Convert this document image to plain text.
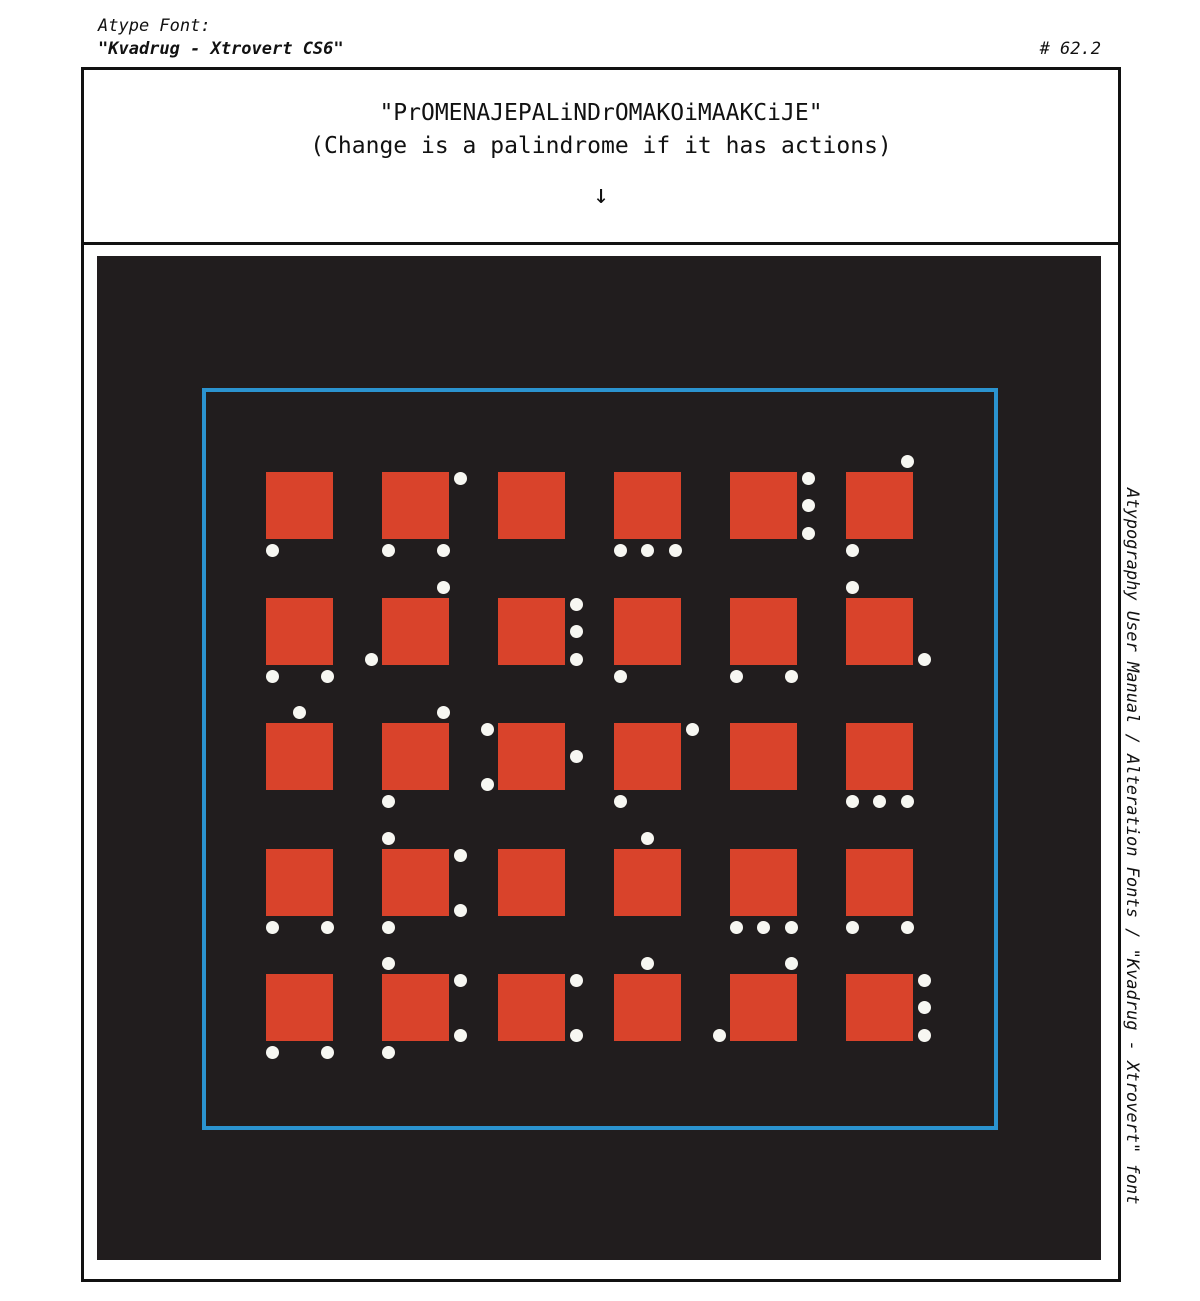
Atype Font:
"Kvadrug - Xtrovert CS6"	# 62.2
"PrOMENAJEPALiNDrOMAKOiMAAKCiJE"
(Change is a palindrome if it has actions)
↓
Atypography User Manual / Alteration Fonts / "Kvadrug - Xtrovert" font
